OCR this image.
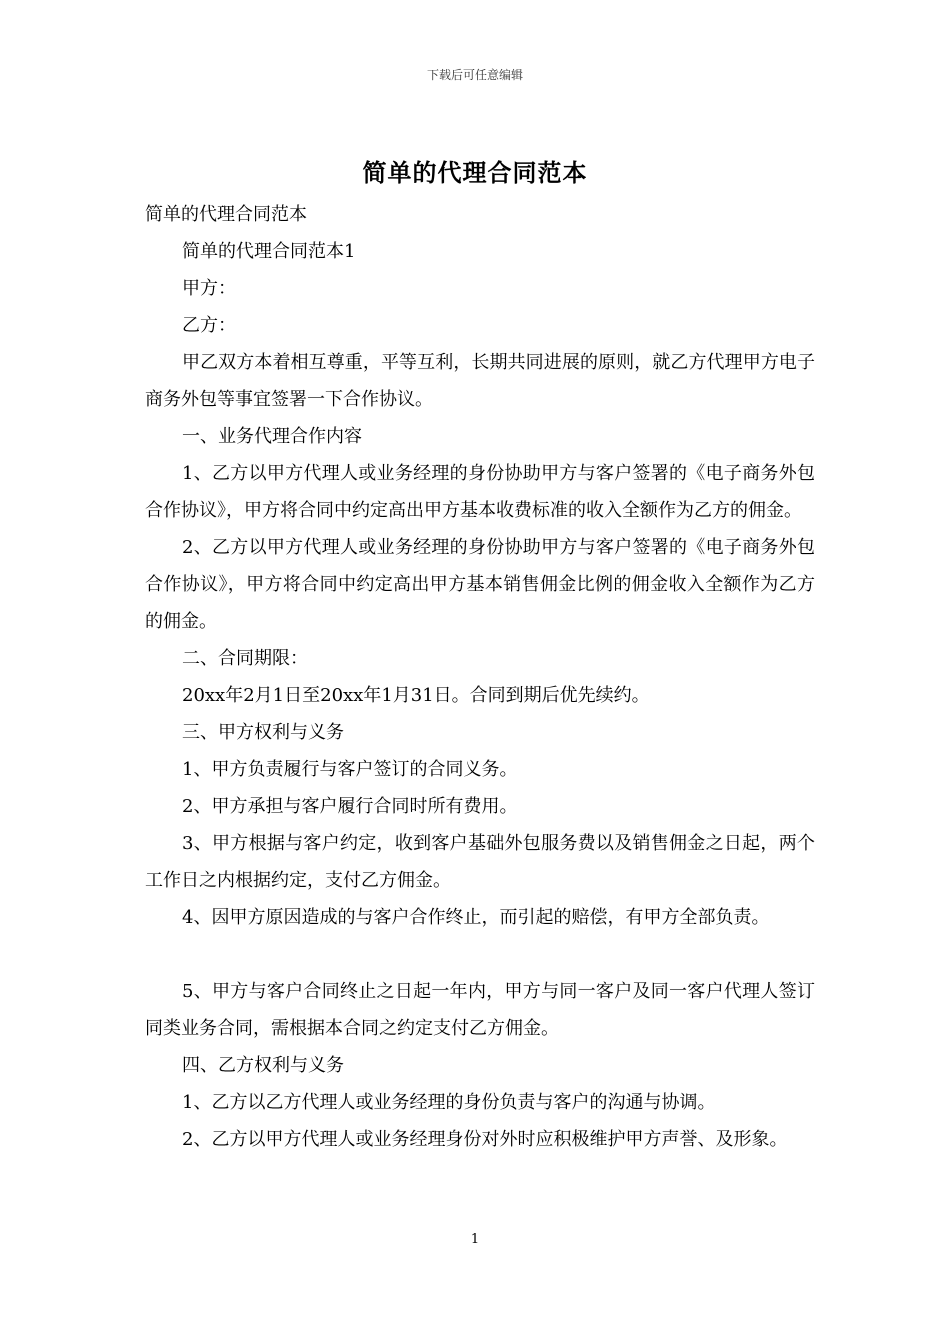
下载后可任意编辑
简单的代理合同范本

简单的代理合同范本

简单的代理合同范本1

甲方：

乙方：

甲乙双方本着相互尊重，平等互利，长期共同进展的原则，就乙方代理甲方电子商务外包等事宜签署一下合作协议。

一、业务代理合作内容

1、乙方以甲方代理人或业务经理的身份协助甲方与客户签署的《电子商务外包合作协议》，甲方将合同中约定高出甲方基本收费标准的收入全额作为乙方的佣金。

2、乙方以甲方代理人或业务经理的身份协助甲方与客户签署的《电子商务外包合作协议》，甲方将合同中约定高出甲方基本销售佣金比例的佣金收入全额作为乙方的佣金。

二、合同期限：

20xx年2月1日至20xx年1月31日。合同到期后优先续约。

三、甲方权利与义务

1、甲方负责履行与客户签订的合同义务。

2、甲方承担与客户履行合同时所有费用。

3、甲方根据与客户约定，收到客户基础外包服务费以及销售佣金之日起，两个工作日之内根据约定，支付乙方佣金。

4、因甲方原因造成的与客户合作终止，而引起的赔偿，有甲方全部负责。

5、甲方与客户合同终止之日起一年内，甲方与同一客户及同一客户代理人签订同类业务合同，需根据本合同之约定支付乙方佣金。

四、乙方权利与义务

1、乙方以乙方代理人或业务经理的身份负责与客户的沟通与协调。

2、乙方以甲方代理人或业务经理身份对外时应积极维护甲方声誉、及形象。

1
